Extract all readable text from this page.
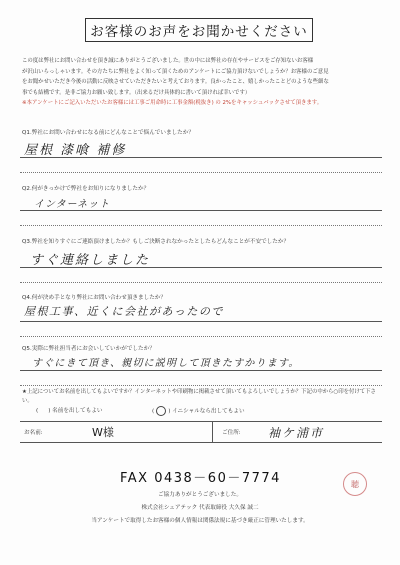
お客様のお声をお聞かせください
この度は弊社にお問い合わせを頂き誠にありがとうございました。世の中には弊社の存在やサービスをご存知ないお客様
が沢山いらっしゃいます。その方たちに弊社をよく知って頂くためのアンケートにご協力頂けないでしょうか？お客様のご意見
をお聞かせいただき今後の活動に反映させていただきたいと考えております。良かったこと、嬉しかったことどのような些細な
事でも結構です。是非ご協力お願い致します。（出来るだけ具体的に書いて頂ければ幸いです）
※本アンケートにご記入いただいたお客様には工事ご用命時に工事金額(税抜き) の 2%をキャッシュバックさせて頂きます。
Q1.弊社にお問い合わせになる前にどんなことで悩んでいましたか？
屋根 漆喰 補修
Q2.何がきっかけで弊社をお知りになりましたか？
インターネット
Q3.弊社を知りすぐにご連絡頂けましたか？もしご決断されなかったとしたらどんなことが不安でしたか？
すぐ連絡しました
Q4.何が決め手となり弊社にお問い合わせ頂きましたか？
屋根工事、近くに会社があったので
Q5.実際に弊社担当者にお会いしていかがでしたか？
すぐにきて頂き、親切に説明して頂きたすかります。
★上記についてお名前を出してもよいですか？インターネットや印刷物に掲載させて頂いてもよろしいでしょうか？下記の中から○印を付けて下さい。
( ) 名前を出してもよい	(	) イニシャルなら出してもよい
お名前:	W様	ご住所: 袖ケ浦市
FAX 0438－60－7774	聴
ご協力ありがとうございました。
株式会社シェアテック 代表取締役 大久保 誠二
当アンケートで取得したお客様の個人情報は関係法規に基づき厳正に管理いたします。
